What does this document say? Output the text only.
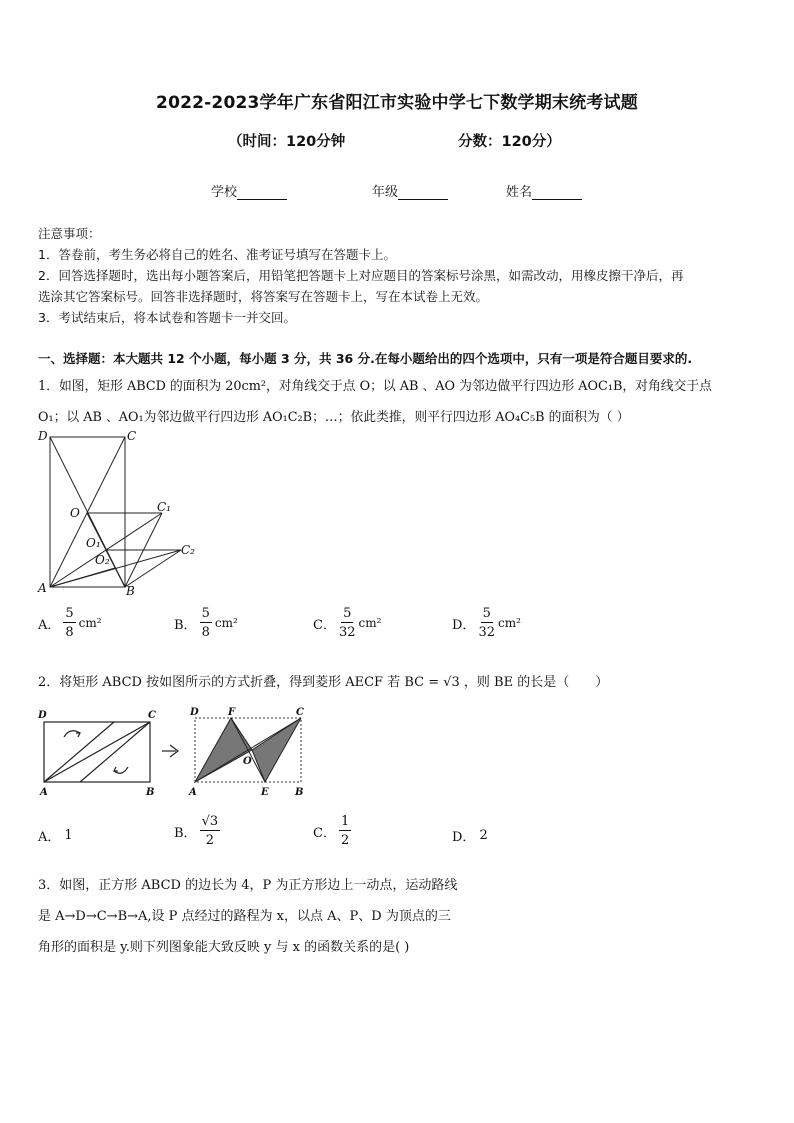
2022-2023学年广东省阳江市实验中学七下数学期末统考试题
（时间：120分钟	分数：120分）
学校	年级	姓名
注意事项：
1．答卷前，考生务必将自己的姓名、准考证号填写在答题卡上。
2．回答选择题时，选出每小题答案后，用铅笔把答题卡上对应题目的答案标号涂黑，如需改动，用橡皮擦干净后，再
选涂其它答案标号。回答非选择题时，将答案写在答题卡上，写在本试卷上无效。
3．考试结束后，将本试卷和答题卡一并交回。
一、选择题：本大题共 12 个小题，每小题 3 分，共 36 分.在每小题给出的四个选项中，只有一项是符合题目要求的.
1．如图，矩形 ABCD 的面积为 20cm²，对角线交于点 O；以 AB 、AO 为邻边做平行四边形 AOC₁B，对角线交于点
O₁；以 AB 、AO₁为邻边做平行四边形 AO₁C₂B；…；依此类推，则平行四边形 AO₄C₅B 的面积为（ ）
D	C
O	C₁
O₁	C₂
O₂
A	B
A． $\frac{5}{8} cm^2$	B． $\frac{5}{8} cm^2$	C． $\frac{5}{32} cm^2$	D． $\frac{5}{32} cm^2$
2．将矩形 ABCD 按如图所示的方式折叠，得到菱形 AECF 若 BC = √3 ，则 BE 的长是（　　）
D	C
A	B
D	F	C
O
A	E	B
A． 1	B． $\frac{√3}{2}$	C． $\frac{1}{2}$	D． 2
3．如图，正方形 ABCD 的边长为 4，P 为正方形边上一动点，运动路线
是 A→D→C→B→A,设 P 点经过的路程为 x，以点 A、P、D 为顶点的三
角形的面积是 y.则下列图象能大致反映 y 与 x 的函数关系的是( )
